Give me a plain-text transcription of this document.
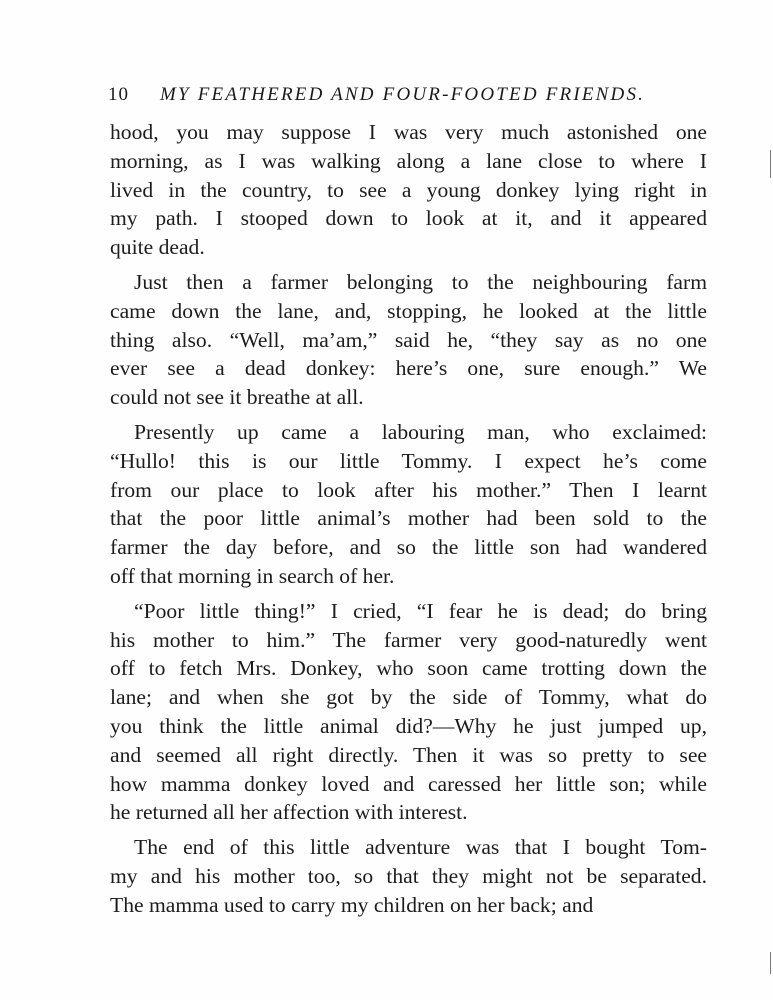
10 MY FEATHERED AND FOUR-FOOTED FRIENDS.

hood, you may suppose I was very much astonished one
morning, as I was walking along a lane close to where I
lived in the country, to see a young donkey lying right in
my path. I stooped down to look at it, and it appeared
quite dead.

Just then a farmer belonging to the neighbouring farm
came down the lane, and, stopping, he looked at the little
thing also. “Well, ma’am,” said he, “they say as no one
ever see a dead donkey: here’s one, sure enough.” We
could not see it breathe at all.

Presently up came a labouring man, who exclaimed:
“Hullo! this is our little Tommy. I expect he’s come
from our place to look after his mother.” Then I learnt
that the poor little animal’s mother had been sold to the
farmer the day before, and so the little son had wandered
off that morning in search of her.

“Poor little thing!” I cried, “I fear he is dead; do bring
his mother to him.” The farmer very good-naturedly went
off to fetch Mrs. Donkey, who soon came trotting down the
lane; and when she got by the side of Tommy, what do
you think the little animal did?—Why he just jumped up,
and seemed all right directly. Then it was so pretty to see
how mamma donkey loved and caressed her little son; while
he returned all her affection with interest.

The end of this little adventure was that I bought Tom-
my and his mother too, so that they might not be separated.
The mamma used to carry my children on her back; and
